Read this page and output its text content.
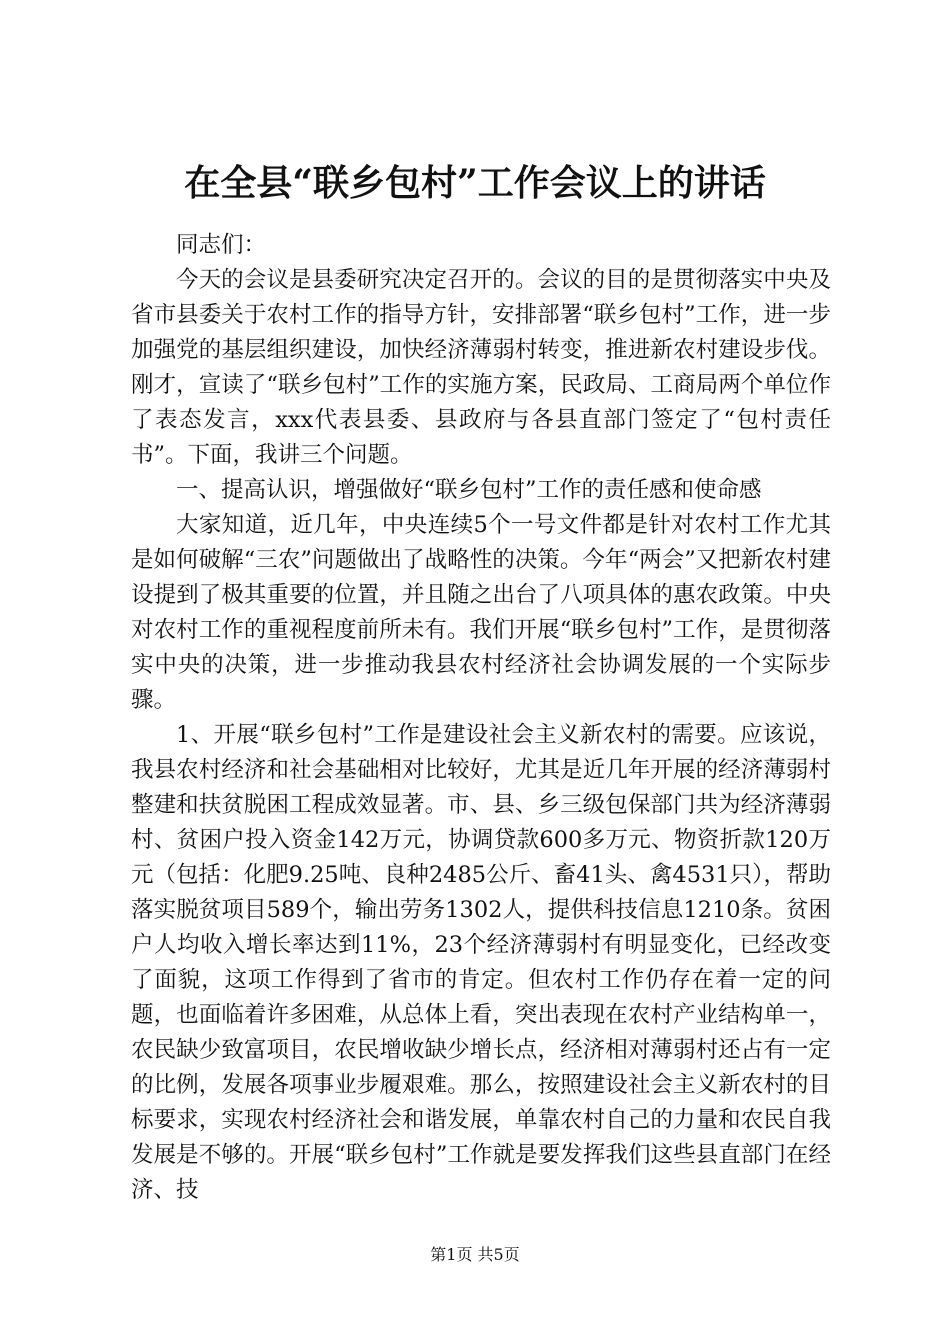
在全县“联乡包村”工作会议上的讲话

同志们：

今天的会议是县委研究决定召开的。会议的目的是贯彻落实中央及省市县委关于农村工作的指导方针，安排部署“联乡包村”工作，进一步加强党的基层组织建设，加快经济薄弱村转变，推进新农村建设步伐。刚才，宣读了“联乡包村”工作的实施方案，民政局、工商局两个单位作了表态发言，xxx代表县委、县政府与各县直部门签定了“包村责任书”。下面，我讲三个问题。

一、提高认识，增强做好“联乡包村”工作的责任感和使命感

大家知道，近几年，中央连续5个一号文件都是针对农村工作尤其是如何破解“三农”问题做出了战略性的决策。今年“两会”又把新农村建设提到了极其重要的位置，并且随之出台了八项具体的惠农政策。中央对农村工作的重视程度前所未有。我们开展“联乡包村”工作，是贯彻落实中央的决策，进一步推动我县农村经济社会协调发展的一个实际步骤。

1、开展“联乡包村”工作是建设社会主义新农村的需要。应该说，我县农村经济和社会基础相对比较好，尤其是近几年开展的经济薄弱村整建和扶贫脱困工程成效显著。市、县、乡三级包保部门共为经济薄弱村、贫困户投入资金142万元，协调贷款600多万元、物资折款120万元（包括：化肥9.25吨、良种2485公斤、畜41头、禽4531只），帮助落实脱贫项目589个，输出劳务1302人，提供科技信息1210条。贫困户人均收入增长率达到11%，23个经济薄弱村有明显变化，已经改变了面貌，这项工作得到了省市的肯定。但农村工作仍存在着一定的问题，也面临着许多困难，从总体上看，突出表现在农村产业结构单一，农民缺少致富项目，农民增收缺少增长点，经济相对薄弱村还占有一定的比例，发展各项事业步履艰难。那么，按照建设社会主义新农村的目标要求，实现农村经济社会和谐发展，单靠农村自己的力量和农民自我发展是不够的。开展“联乡包村”工作就是要发挥我们这些县直部门在经济、技

第1页 共5页
